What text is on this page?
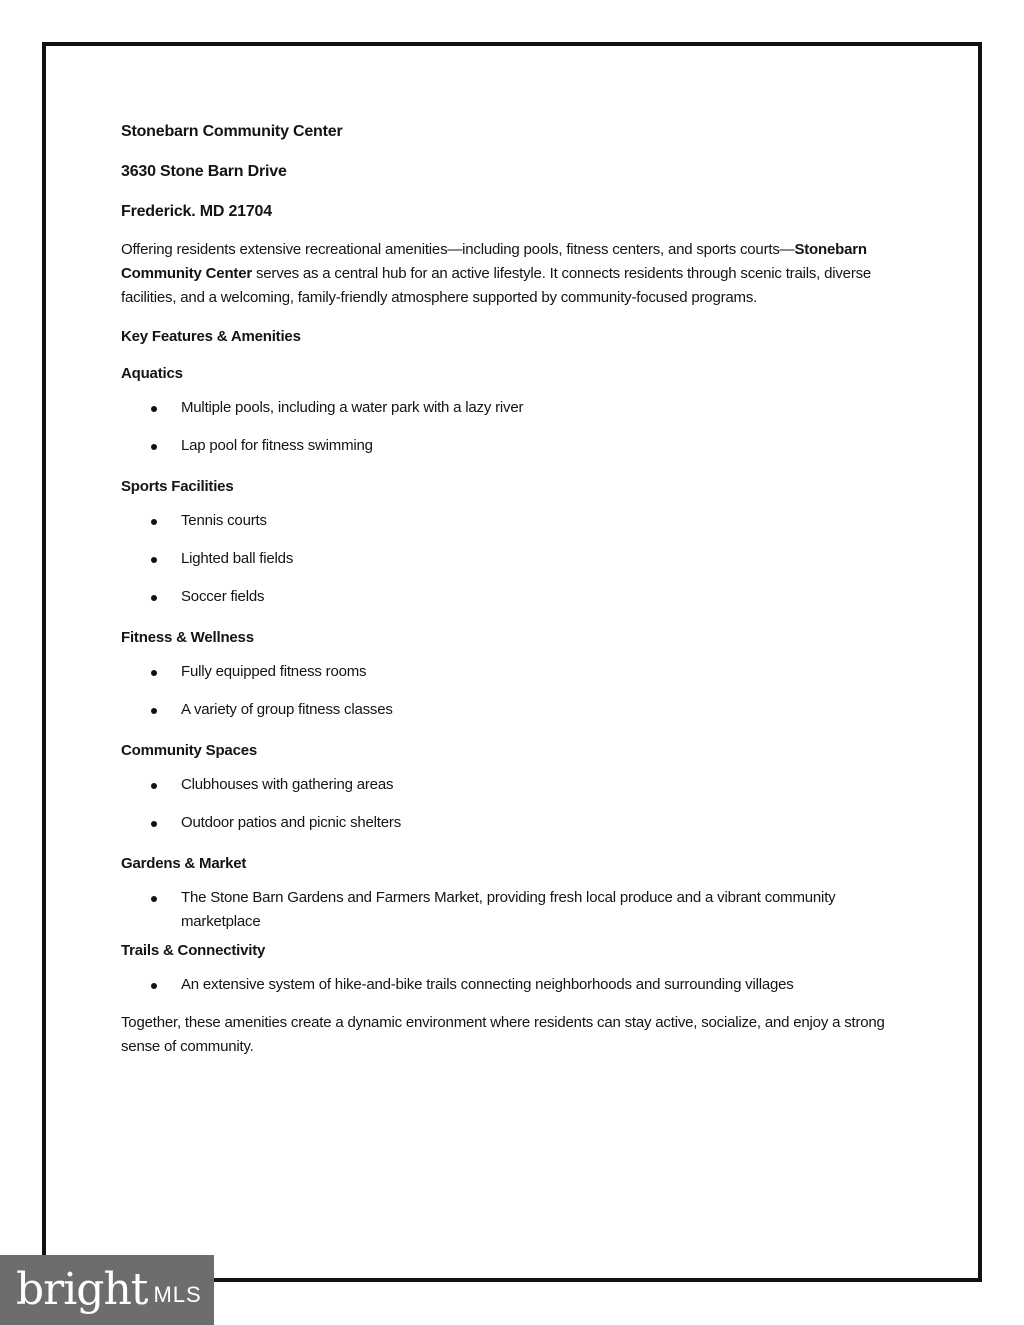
Stonebarn Community Center

3630 Stone Barn Drive

Frederick. MD 21704

Offering residents extensive recreational amenities—including pools, fitness centers, and sports courts—Stonebarn Community Center serves as a central hub for an active lifestyle. It connects residents through scenic trails, diverse facilities, and a welcoming, family-friendly atmosphere supported by community-focused programs.

Key Features & Amenities

Aquatics

Multiple pools, including a water park with a lazy river
Lap pool for fitness swimming

Sports Facilities

Tennis courts
Lighted ball fields
Soccer fields

Fitness & Wellness

Fully equipped fitness rooms
A variety of group fitness classes

Community Spaces

Clubhouses with gathering areas
Outdoor patios and picnic shelters

Gardens & Market

The Stone Barn Gardens and Farmers Market, providing fresh local produce and a vibrant community marketplace

Trails & Connectivity

An extensive system of hike-and-bike trails connecting neighborhoods and surrounding villages

Together, these amenities create a dynamic environment where residents can stay active, socialize, and enjoy a strong sense of community.

bright MLS
